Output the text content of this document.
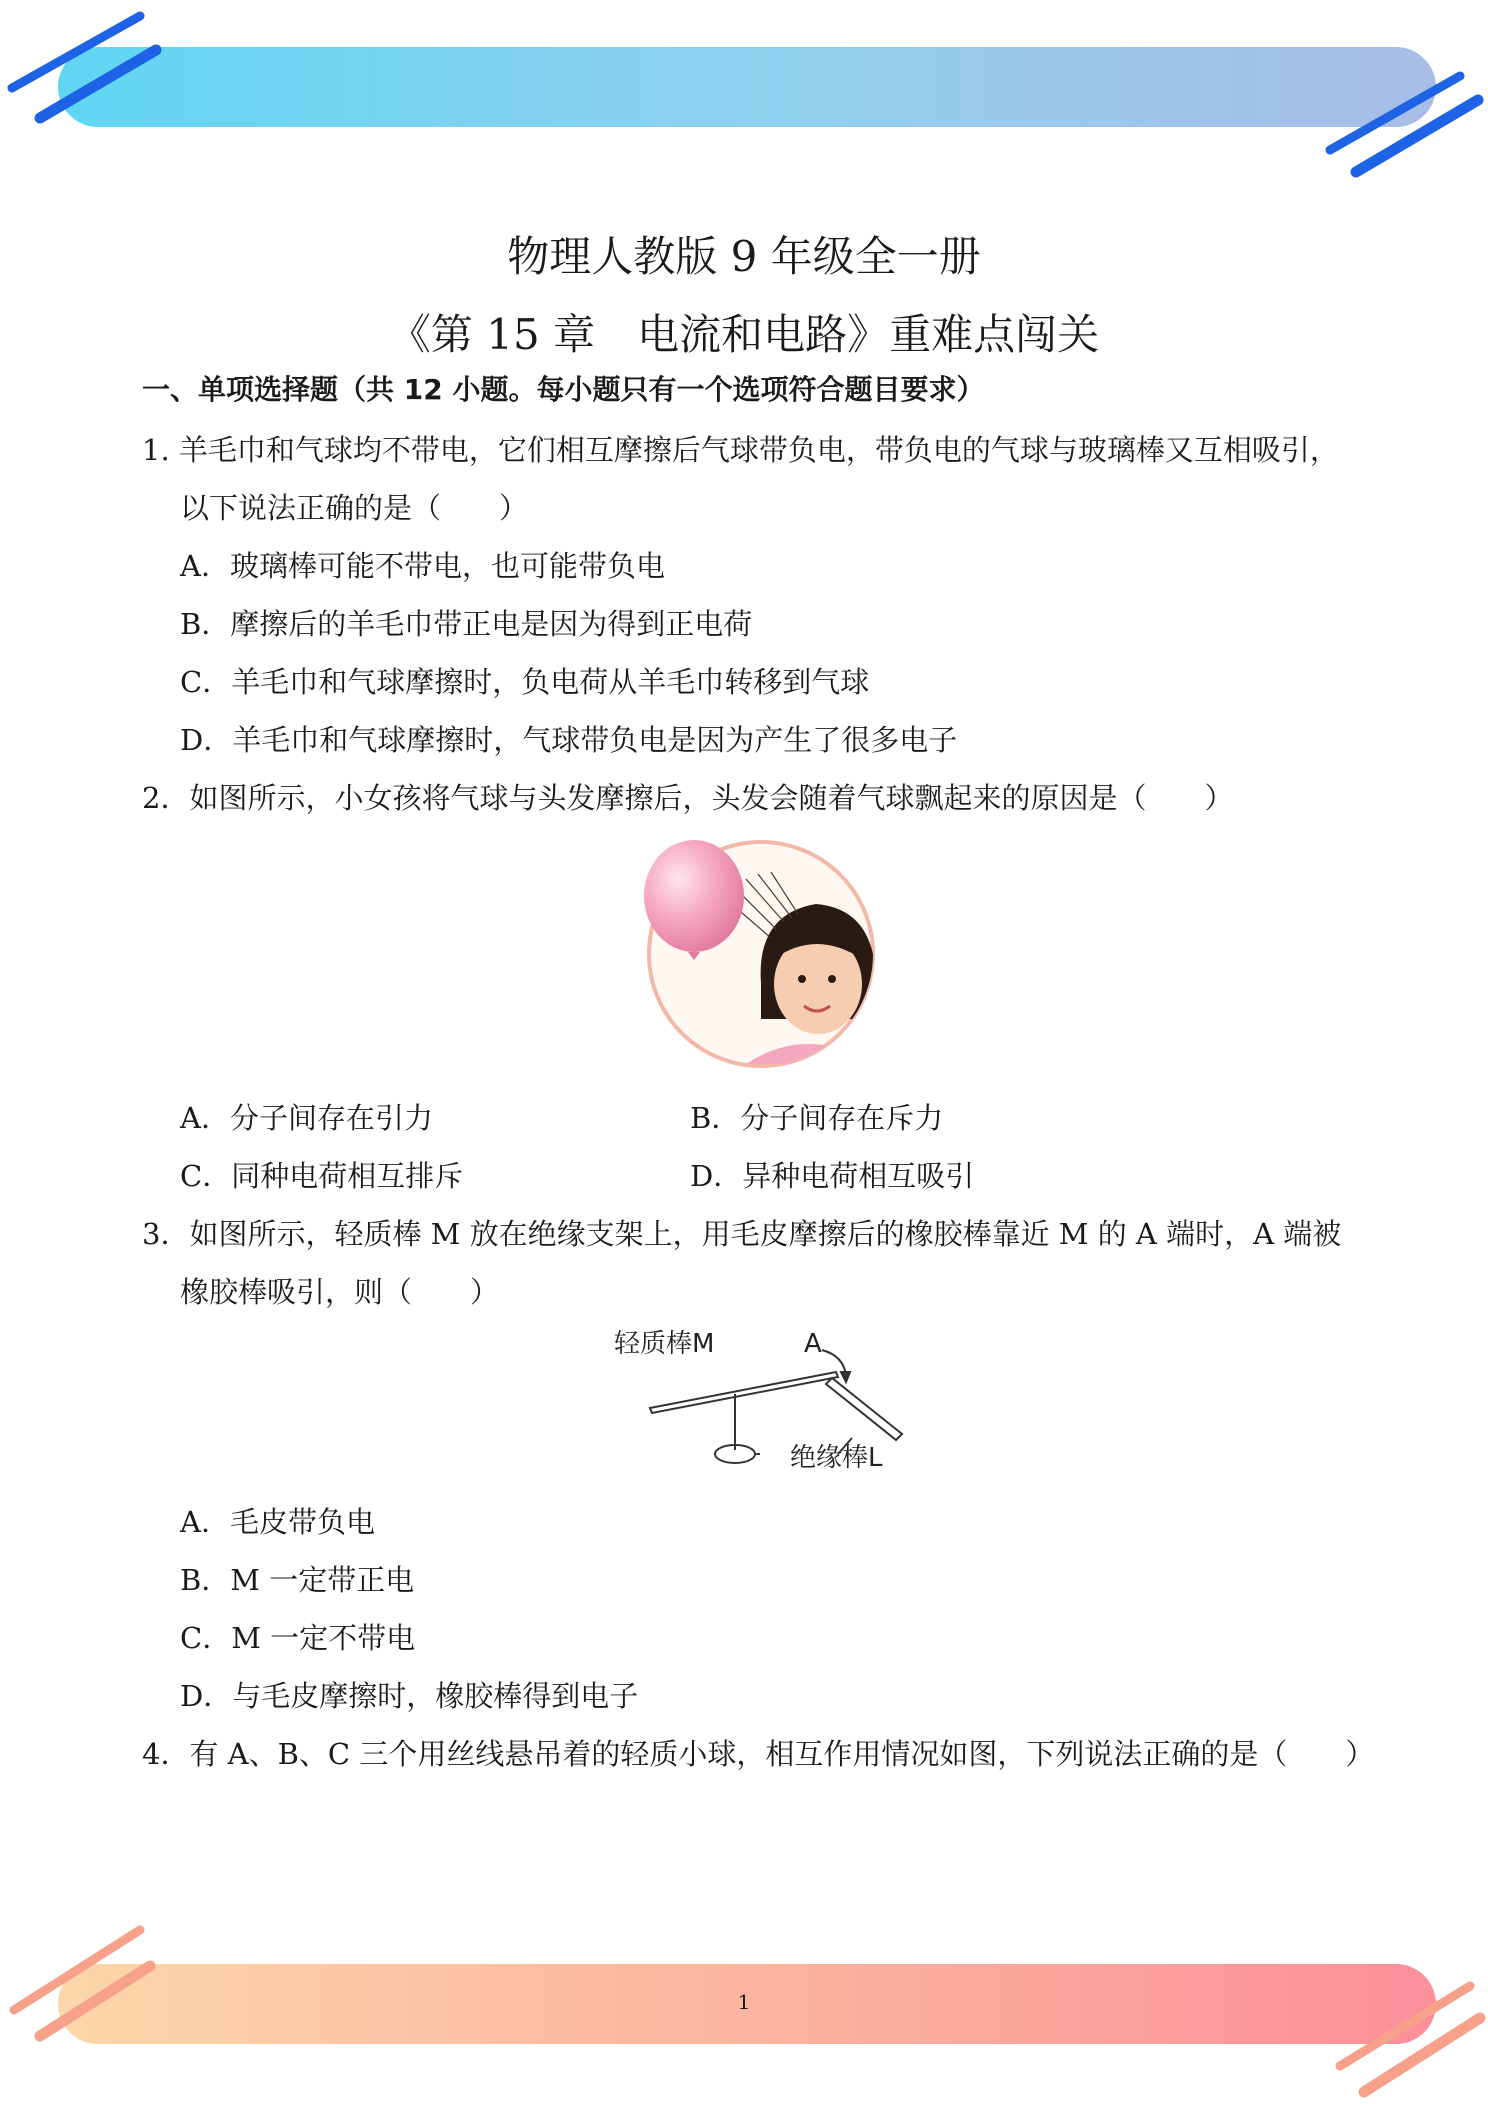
物理人教版 9 年级全一册
《第 15 章　电流和电路》重难点闯关
一、单项选择题（共 12 小题。每小题只有一个选项符合题目要求）
1. 羊毛巾和气球均不带电，它们相互摩擦后气球带负电，带负电的气球与玻璃棒又互相吸引，
以下说法正确的是（　　）
A．玻璃棒可能不带电，也可能带负电
B．摩擦后的羊毛巾带正电是因为得到正电荷
C．羊毛巾和气球摩擦时，负电荷从羊毛巾转移到气球
D．羊毛巾和气球摩擦时，气球带负电是因为产生了很多电子
2．如图所示，小女孩将气球与头发摩擦后，头发会随着气球飘起来的原因是（　　）
A．分子间存在引力	B．分子间存在斥力
C．同种电荷相互排斥	D．异种电荷相互吸引
3．如图所示，轻质棒 M 放在绝缘支架上，用毛皮摩擦后的橡胶棒靠近 M 的 A 端时，A 端被
橡胶棒吸引，则（　　）
轻质棒M	A
绝缘棒L
A．毛皮带负电
B．M 一定带正电
C．M 一定不带电
D．与毛皮摩擦时，橡胶棒得到电子
4．有 A、B、C 三个用丝线悬吊着的轻质小球，相互作用情况如图，下列说法正确的是（　　）
1
